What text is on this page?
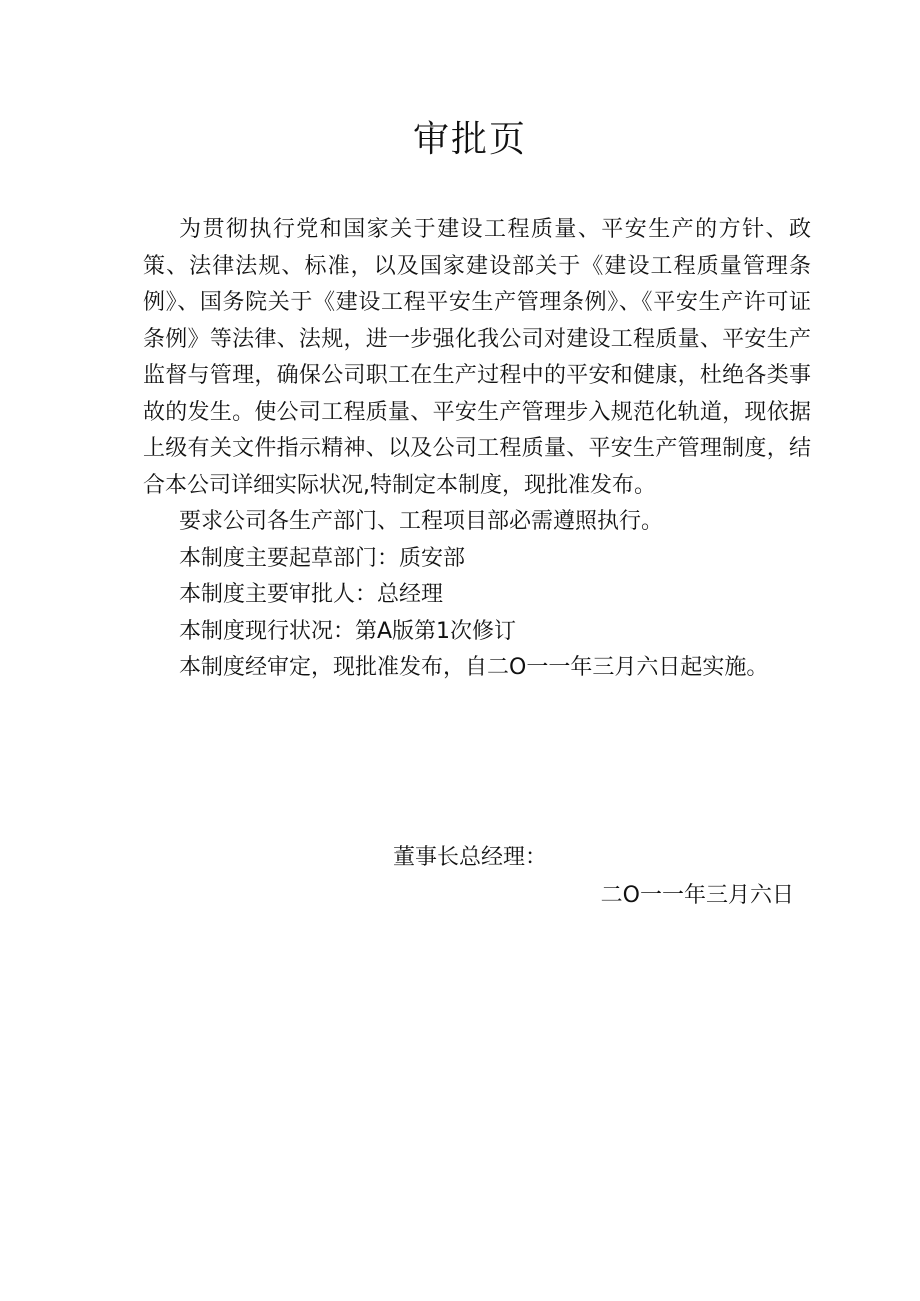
审批页

为贯彻执行党和国家关于建设工程质量、平安生产的方针、政策、法律法规、标准，以及国家建设部关于《建设工程质量管理条例》、国务院关于《建设工程平安生产管理条例》、《平安生产许可证条例》等法律、法规，进一步强化我公司对建设工程质量、平安生产监督与管理，确保公司职工在生产过程中的平安和健康，杜绝各类事故的发生。使公司工程质量、平安生产管理步入规范化轨道，现依据上级有关文件指示精神、以及公司工程质量、平安生产管理制度，结合本公司详细实际状况,特制定本制度，现批准发布。

要求公司各生产部门、工程项目部必需遵照执行。

本制度主要起草部门：质安部

本制度主要审批人：总经理

本制度现行状况：第A版第1次修订

本制度经审定，现批准发布，自二O一一年三月六日起实施。

董事长总经理：

二O一一年三月六日
